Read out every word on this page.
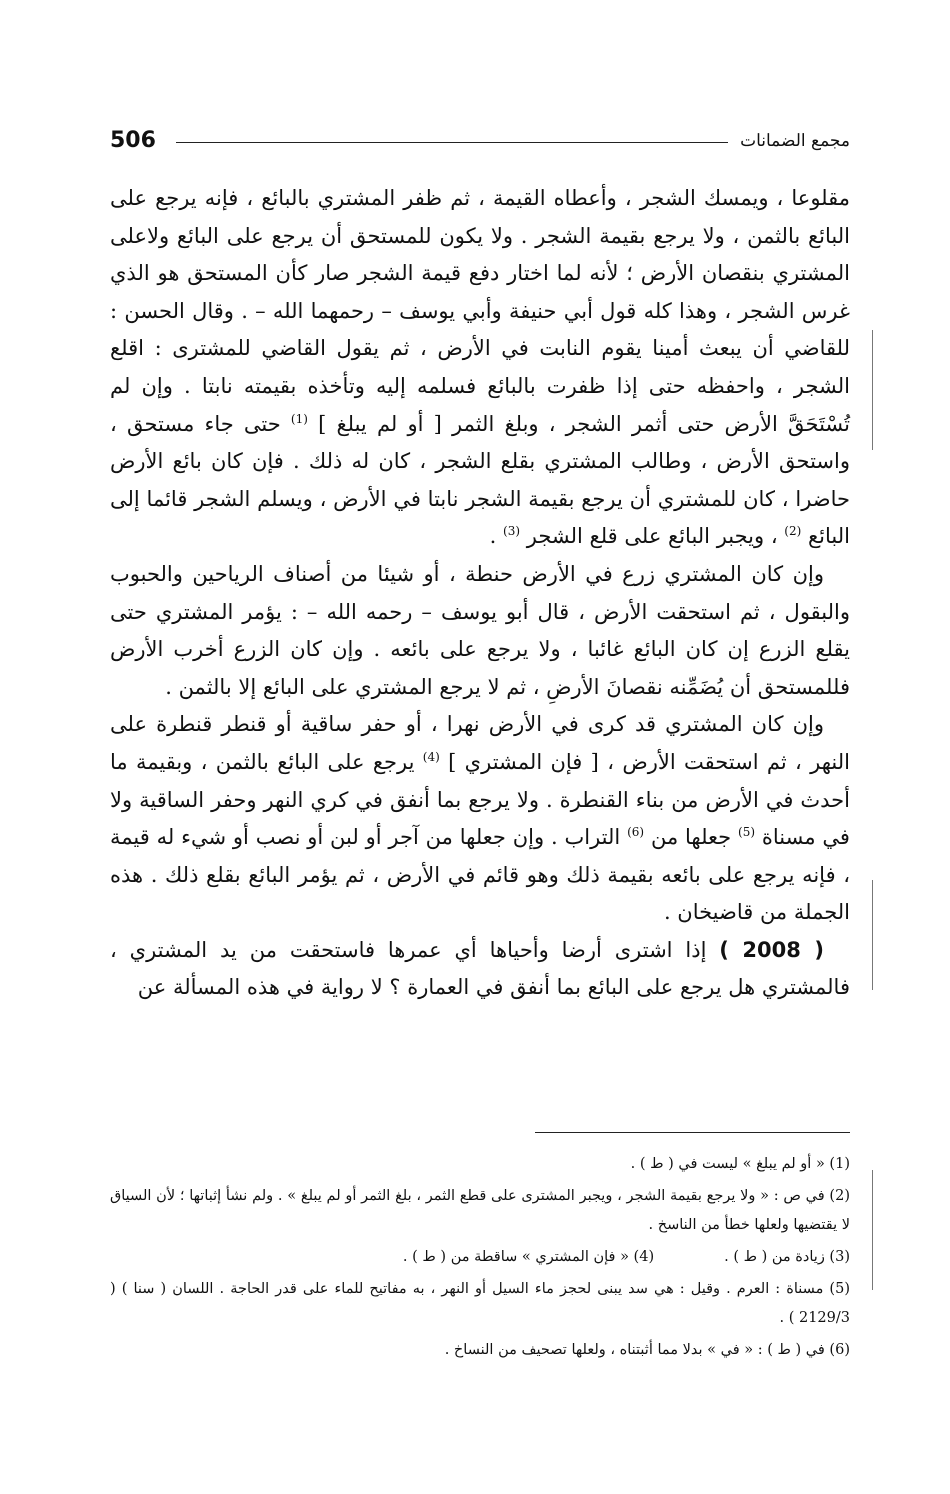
506	مجمع الضمانات

مقلوعا ، ويمسك الشجر ، وأعطاه القيمة ، ثم ظفر المشتري بالبائع ، فإنه يرجع على البائع بالثمن ، ولا يرجع بقيمة الشجر . ولا يكون للمستحق أن يرجع على البائع ولاعلى المشتري بنقصان الأرض ؛ لأنه لما اختار دفع قيمة الشجر صار كأن المستحق هو الذي غرس الشجر ، وهذا كله قول أبي حنيفة وأبي يوسف – رحمهما الله – . وقال الحسن : للقاضي أن يبعث أمينا يقوم النابت في الأرض ، ثم يقول القاضي للمشترى : اقلع الشجر ، واحفظه حتى إذا ظفرت بالبائع فسلمه إليه وتأخذه بقيمته نابتا . وإن لم تُسْتَحَقَّ الأرض حتى أثمر الشجر ، وبلغ الثمر [ أو لم يبلغ ] $^{(1)}$ حتى جاء مستحق ، واستحق الأرض ، وطالب المشتري بقلع الشجر ، كان له ذلك . فإن كان بائع الأرض حاضرا ، كان للمشتري أن يرجع بقيمة الشجر نابتا في الأرض ، ويسلم الشجر قائما إلى البائع $^{(2)}$ ، ويجبر البائع على قلع الشجر $^{(3)}$ .

وإن كان المشتري زرع في الأرض حنطة ، أو شيئا من أصناف الرياحين والحبوب والبقول ، ثم استحقت الأرض ، قال أبو يوسف – رحمه الله – : يؤمر المشتري حتى يقلع الزرع إن كان البائع غائبا ، ولا يرجع على بائعه . وإن كان الزرع أخرب الأرض فللمستحق أن يُضَمِّنه نقصانَ الأرضِ ، ثم لا يرجع المشتري على البائع إلا بالثمن .

وإن كان المشتري قد كرى في الأرض نهرا ، أو حفر ساقية أو قنطر قنطرة على النهر ، ثم استحقت الأرض ، [ فإن المشتري ] $^{(4)}$ يرجع على البائع بالثمن ، وبقيمة ما أحدث في الأرض من بناء القنطرة . ولا يرجع بما أنفق في كري النهر وحفر الساقية ولا في مسناة $^{(5)}$ جعلها من $^{(6)}$ التراب . وإن جعلها من آجر أو لبن أو نصب أو شيء له قيمة ، فإنه يرجع على بائعه بقيمة ذلك وهو قائم في الأرض ، ثم يؤمر البائع بقلع ذلك . هذه الجملة من قاضيخان .

( 2008 ) إذا اشترى أرضا وأحياها أي عمرها فاستحقت من يد المشتري ، فالمشتري هل يرجع على البائع بما أنفق في العمارة ؟ لا رواية في هذه المسألة عن

(1) « أو لم يبلغ » ليست في ( ط ) .

(2) في ص : « ولا يرجع بقيمة الشجر ، ويجبر المشترى على قطع الثمر ، بلغ الثمر أو لم يبلغ » . ولم نشأ إثباتها ؛ لأن السياق لا يقتضيها ولعلها خطأ من الناسخ .

(3) زيادة من ( ط ) .
(4) « فإن المشتري » ساقطة من ( ط ) .

(5) مسناة : العرم . وقيل : هي سد يبنى لحجز ماء السيل أو النهر ، به مفاتيح للماء على قدر الحاجة . اللسان ( سنا ) ( 2129/3 ) .

(6) في ( ط ) : « في » بدلا مما أثبتناه ، ولعلها تصحيف من النساخ .
